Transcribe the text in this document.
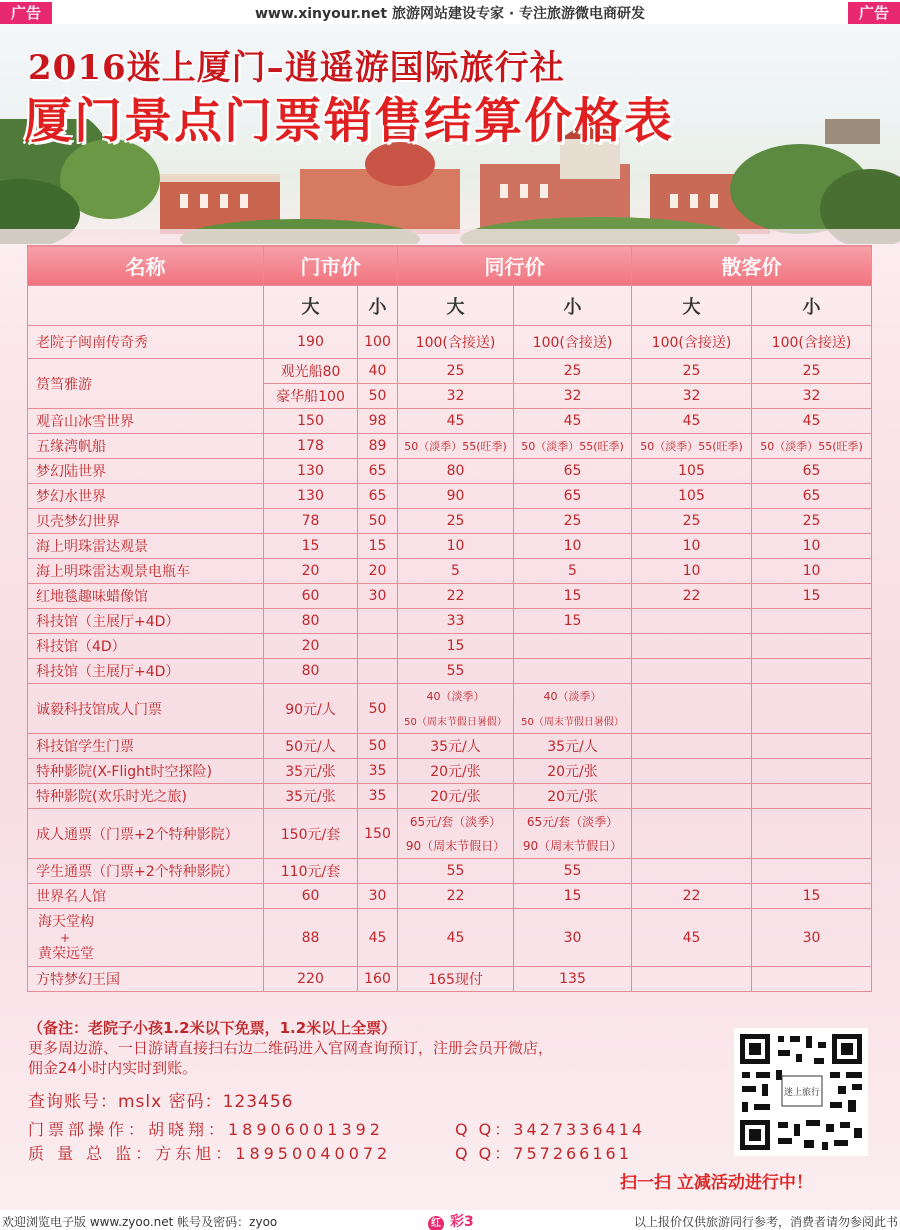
广告	www.xinyour.net 旅游网站建设专家 · 专注旅游微电商研发	广告
2016迷上厦门–逍遥游国际旅行社
厦门景点门票销售结算价格表
名称	门市价		同行价		散客价	
	大	小	大	小	大	小
老院子闽南传奇秀	190	100	100(含接送)	100(含接送)	100(含接送)	100(含接送)
筼筜雅游	观光船80	40	25	25	25	25
	豪华船100	50	32	32	32	32
观音山冰雪世界	150	98	45	45	45	45
五缘湾帆船	178	89	50（淡季）55(旺季)	50（淡季）55(旺季)	50（淡季）55(旺季)	50（淡季）55(旺季)
梦幻陆世界	130	65	80	65	105	65
梦幻水世界	130	65	90	65	105	65
贝壳梦幻世界	78	50	25	25	25	25
海上明珠雷达观景	15	15	10	10	10	10
海上明珠雷达观景电瓶车	20	20	5	5	10	10
红地毯趣味蜡像馆	60	30	22	15	22	15
科技馆（主展厅+4D）	80		33	15		
科技馆（4D）	20		15			
科技馆（主展厅+4D）	80		55			
诚毅科技馆成人门票	90元/人	50	40（淡季）	40（淡季）		
			50（周末节假日暑假）	50（周末节假日暑假）		
科技馆学生门票	50元/人	50	35元/人	35元/人		
特种影院(X-Flight时空探险)	35元/张	35	20元/张	20元/张		
特种影院(欢乐时光之旅)	35元/张	35	20元/张	20元/张		
成人通票（门票+2个特种影院）	150元/套	150	65元/套（淡季）	65元/套（淡季）		
			90（周末节假日）	90（周末节假日）		
学生通票（门票+2个特种影院）	110元/套		55	55		
世界名人馆	60	30	22	15	22	15

海天堂构
+
黄荣远堂	88	45	45	30	45	30
方特梦幻王国	220	160	165现付	135		

（备注：老院子小孩1.2米以下免票，1.2米以上全票）

更多周边游、一日游请直接扫右边二维码进入官网查询预订，注册会员开微店，

佣金24小时内实时到账。

查询账号：mslx 密码：123456
门票部操作：胡晓翔：18906001392
质 量 总 监：方东旭：18950040072
Q Q：3427336414
Q Q：757266161
迷上旅行
扫一扫 立减活动进行中！
欢迎浏览电子版 www.zyoo.net 帐号及密码：zyoo	红 彩3	以上报价仅供旅游同行参考，消费者请勿参阅此书
